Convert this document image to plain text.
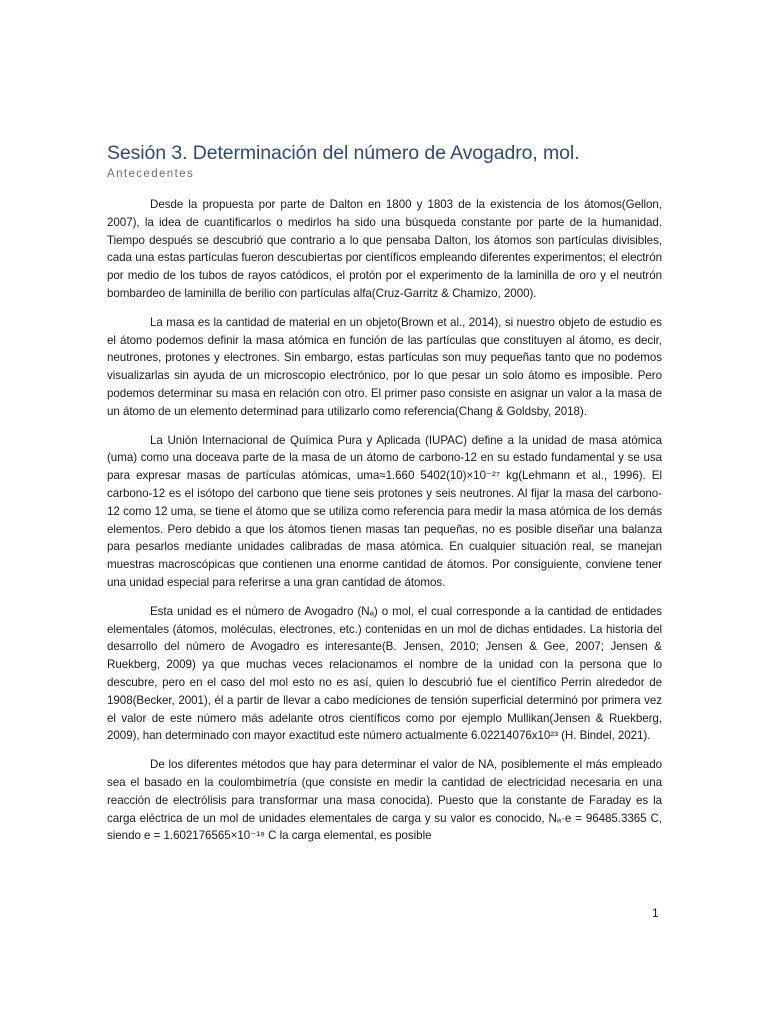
Sesión 3. Determinación del número de Avogadro, mol.
Antecedentes

Desde la propuesta por parte de Dalton en 1800 y 1803 de la existencia de los átomos(Gellon, 2007), la idea de cuantificarlos o medirlos ha sido una búsqueda constante por parte de la humanidad. Tiempo después se descubrió que contrario a lo que pensaba Dalton, los átomos son partículas divisibles, cada una estas partículas fueron descubiertas por científicos empleando diferentes experimentos; el electrón por medio de los tubos de rayos catódicos, el protón por el experimento de la laminilla de oro y el neutrón bombardeo de laminilla de berilio con partículas alfa(Cruz-Garritz & Chamizo, 2000).

La masa es la cantidad de material en un objeto(Brown et al., 2014), si nuestro objeto de estudio es el átomo podemos definir la masa atómica en función de las partículas que constituyen al átomo, es decir, neutrones, protones y electrones. Sin embargo, estas partículas son muy pequeñas tanto que no podemos visualizarlas sin ayuda de un microscopio electrónico, por lo que pesar un solo átomo es imposible. Pero podemos determinar su masa en relación con otro. El primer paso consiste en asignar un valor a la masa de un átomo de un elemento determinad para utilizarlo como referencia(Chang & Goldsby, 2018).

La Unión Internacional de Química Pura y Aplicada (IUPAC) define a la unidad de masa atómica (uma) como una doceava parte de la masa de un átomo de carbono-12 en su estado fundamental y se usa para expresar masas de partículas atómicas, uma≈1.660 5402(10)×10⁻²⁷ kg(Lehmann et al., 1996). El carbono-12 es el isótopo del carbono que tiene seis protones y seis neutrones. Al fijar la masa del carbono-12 como 12 uma, se tiene el átomo que se utiliza como referencia para medir la masa atómica de los demás elementos. Pero debido a que los átomos tienen masas tan pequeñas, no es posible diseñar una balanza para pesarlos mediante unidades calibradas de masa atómica. En cualquier situación real, se manejan muestras macroscópicas que contienen una enorme cantidad de átomos. Por consiguiente, conviene tener una unidad especial para referirse a una gran cantidad de átomos.

Esta unidad es el número de Avogadro (Nₐ) o mol, el cual corresponde a la cantidad de entidades elementales (átomos, moléculas, electrones, etc.) contenidas en un mol de dichas entidades. La historia del desarrollo del número de Avogadro es interesante(B. Jensen, 2010; Jensen & Gee, 2007; Jensen & Ruekberg, 2009) ya que muchas veces relacionamos el nombre de la unidad con la persona que lo descubre, pero en el caso del mol esto no es así, quien lo descubrió fue el científico Perrin alrededor de 1908(Becker, 2001), él a partir de llevar a cabo mediciones de tensión superficial determinó por primera vez el valor de este número más adelante otros científicos como por ejemplo Mullikan(Jensen & Ruekberg, 2009), han determinado con mayor exactitud este número actualmente 6.02214076x10²³ (H. Bindel, 2021).

De los diferentes métodos que hay para determinar el valor de NA, posiblemente el más empleado sea el basado en la coulombimetría (que consiste en medir la cantidad de electricidad necesaria en una reacción de electrólisis para transformar una masa conocida). Puesto que la constante de Faraday es la carga eléctrica de un mol de unidades elementales de carga y su valor es conocido, Nₐ·e = 96485.3365 C, siendo e = 1.602176565×10⁻¹⁹ C la carga elemental, es posible

1
